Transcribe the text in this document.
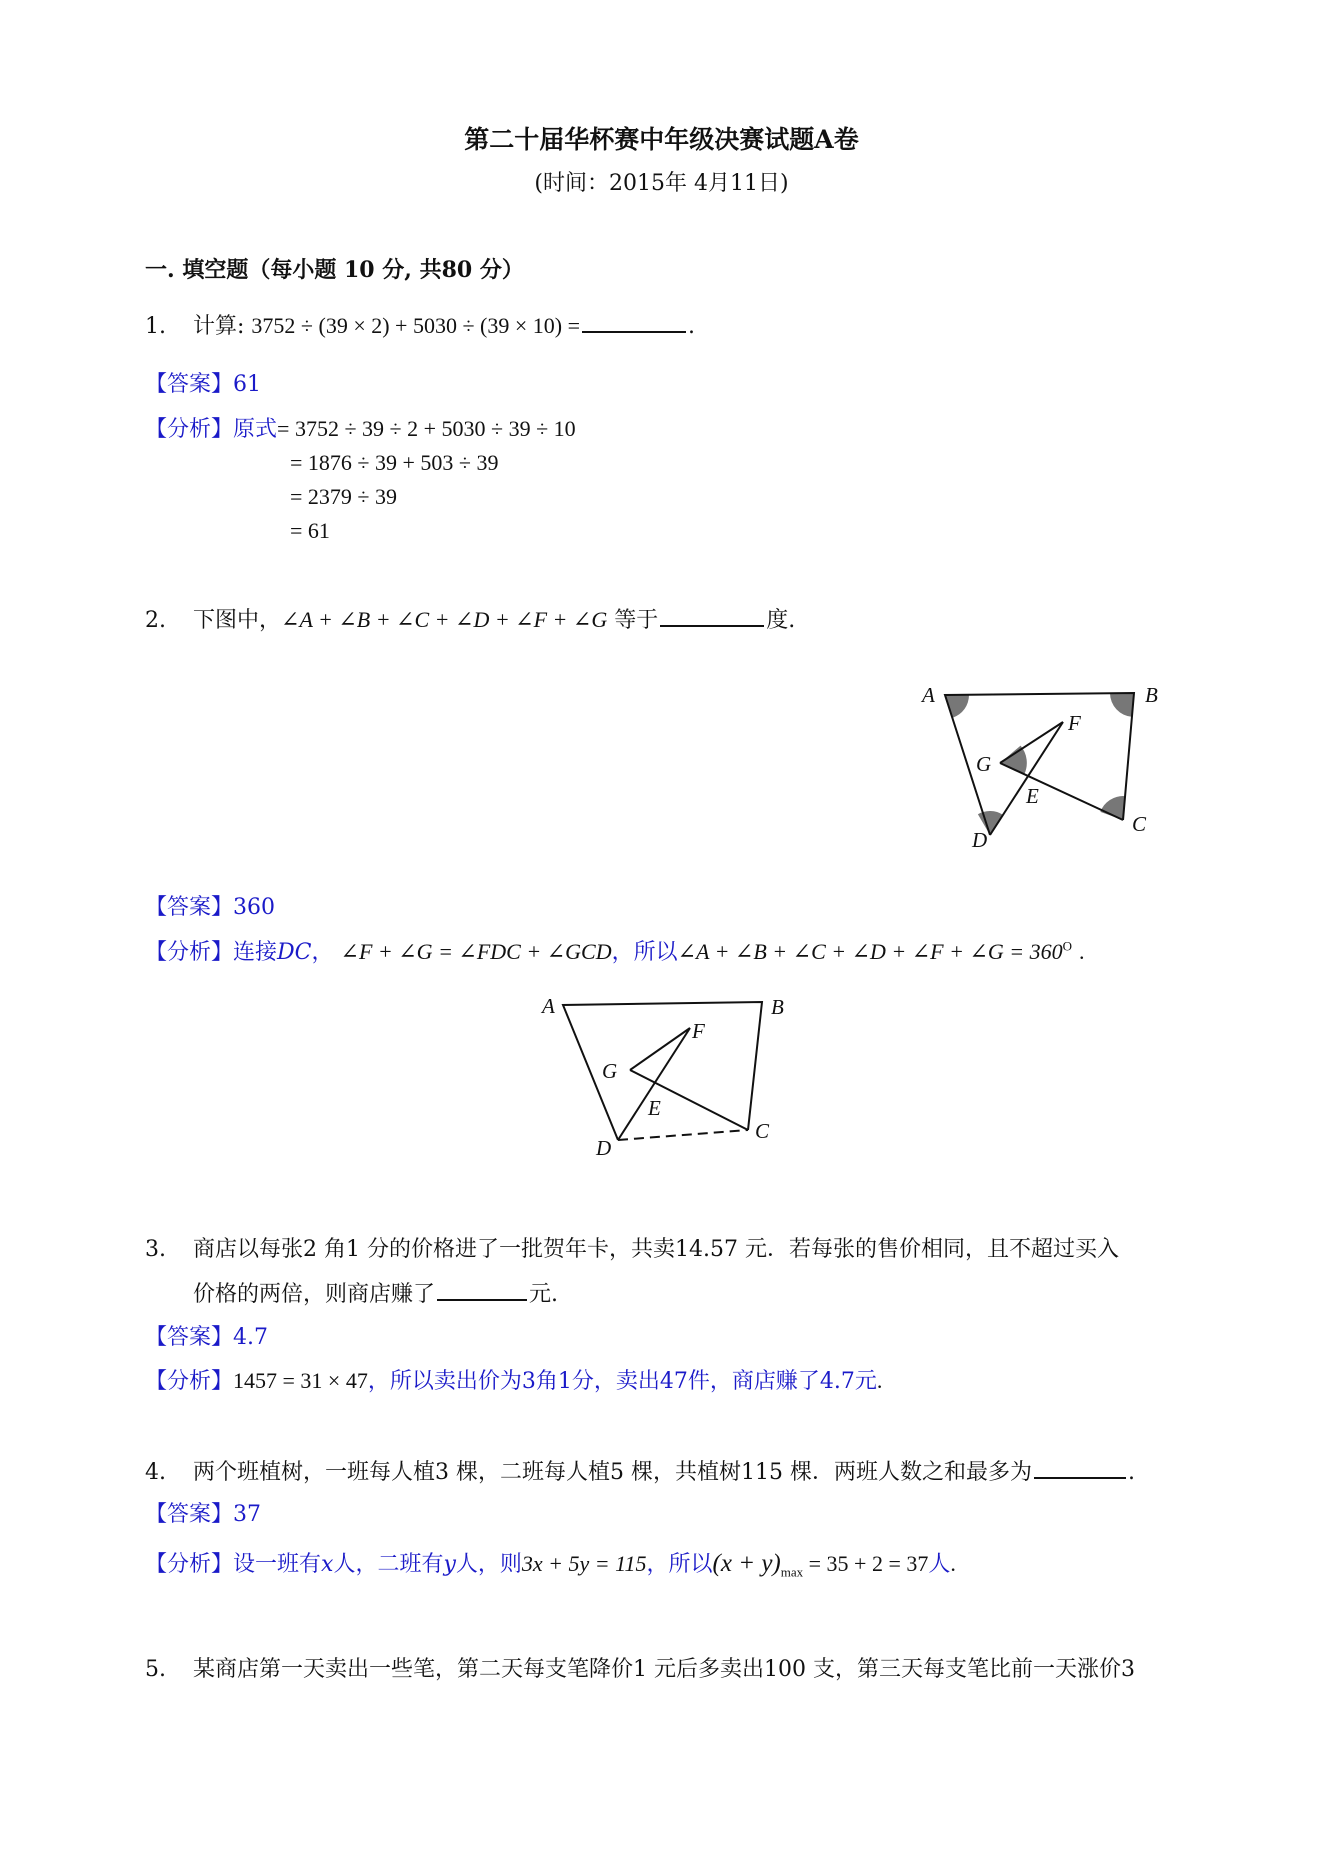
第二十届华杯赛中年级决赛试题A卷
(时间：2015年 4月11日)
一. 填空题（每小题 10 分, 共80 分）
1. 计算: 3752 ÷ (39 × 2) + 5030 ÷ (39 × 10) =	.
【答案】61
【分析】原式= 3752 ÷ 39 ÷ 2 + 5030 ÷ 39 ÷ 10
= 1876 ÷ 39 + 503 ÷ 39
= 2379 ÷ 39
= 61
2. 下图中，∠A + ∠B + ∠C + ∠D + ∠F + ∠G 等于	度.
A	B
C
D
E
F
G
【答案】360
【分析】连接DC， ∠F + ∠G = ∠FDC + ∠GCD，所以∠A + ∠B + ∠C + ∠D + ∠F + ∠G = $360^O$ .
A	B
C
D
E
F
G
3. 商店以每张2 角1 分的价格进了一批贺年卡，共卖14.57 元．若每张的售价相同，且不超过买入
价格的两倍，则商店赚了	元.
【答案】4.7
【分析】1457 = 31 × 47，所以卖出价为3角1分，卖出47件，商店赚了4.7元.
4. 两个班植树，一班每人植3 棵，二班每人植5 棵，共植树115 棵．两班人数之和最多为	.
【答案】37
【分析】设一班有x人，二班有y人，则3x + 5y = 115，所以$(x + y)_{max} = 35 + 2 = 37$人.
5. 某商店第一天卖出一些笔，第二天每支笔降价1 元后多卖出100 支，第三天每支笔比前一天涨价3
